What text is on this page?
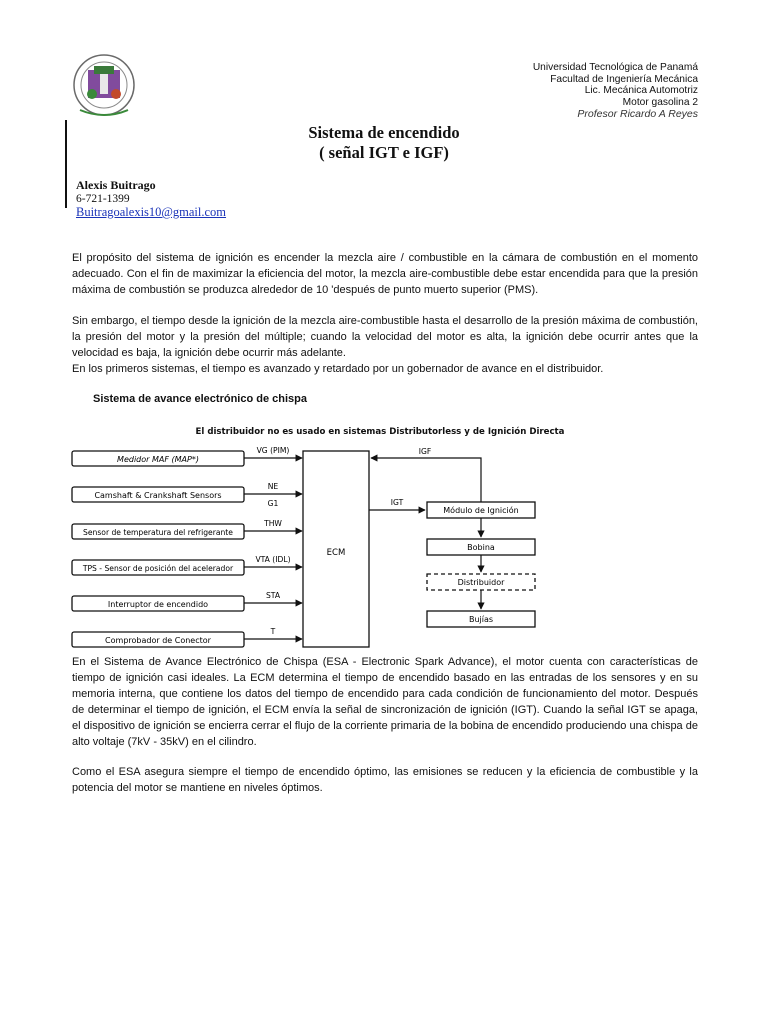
Universidad Tecnológica de Panamá
Facultad de Ingeniería Mecánica
Lic. Mecánica Automotriz
Motor gasolina 2
Profesor Ricardo A Reyes
Sistema de encendido
( señal IGT e IGF)
Alexis Buitrago
6-721-1399
Buitragoalexis10@gmail.com
El propósito del sistema de ignición es encender la mezcla aire / combustible en la cámara de combustión en el momento adecuado. Con el fin de maximizar la eficiencia del motor, la mezcla aire-combustible debe estar encendida para que la presión máxima de combustión se produzca alrededor de 10 'después de punto muerto superior (PMS).
Sin embargo, el tiempo desde la ignición de la mezcla aire-combustible hasta el desarrollo de la presión máxima de combustión, la presión del motor y la presión del múltiple; cuando la velocidad del motor es alta, la ignición debe ocurrir antes que la velocidad es baja, la ignición debe ocurrir más adelante.
En los primeros sistemas, el tiempo es avanzado y retardado por un gobernador de avance en el distribuidor.
Sistema de avance electrónico de chispa
El distribuidor no es usado en sistemas Distributorless y de Ignición Directa
Medidor MAF (MAP*)
Camshaft & Crankshaft Sensors
Sensor de temperatura del refrigerante
TPS - Sensor de posición del acelerador
Interruptor de encendido
Comprobador de Conector
ECM
VG (PIM)
NE
G1
THW
VTA (IDL)
STA
T
IGF
IGT
Módulo de Ignición
Bobina
Distribuidor
Bujías
En el Sistema de Avance Electrónico de Chispa (ESA - Electronic Spark Advance), el motor cuenta con características de tiempo de ignición casi ideales. La ECM determina el tiempo de encendido basado en las entradas de los sensores y en su memoria interna, que contiene los datos del tiempo de encendido para cada condición de funcionamiento del motor. Después de determinar el tiempo de ignición, el ECM envía la señal de sincronización de ignición (IGT). Cuando la señal IGT se apaga, el dispositivo de ignición se encierra cerrar el flujo de la corriente primaria de la bobina de encendido produciendo una chispa de alto voltaje (7kV - 35kV) en el cilindro.
Como el ESA asegura siempre el tiempo de encendido óptimo, las emisiones se reducen y la eficiencia de combustible y la potencia del motor se mantiene en niveles óptimos.
